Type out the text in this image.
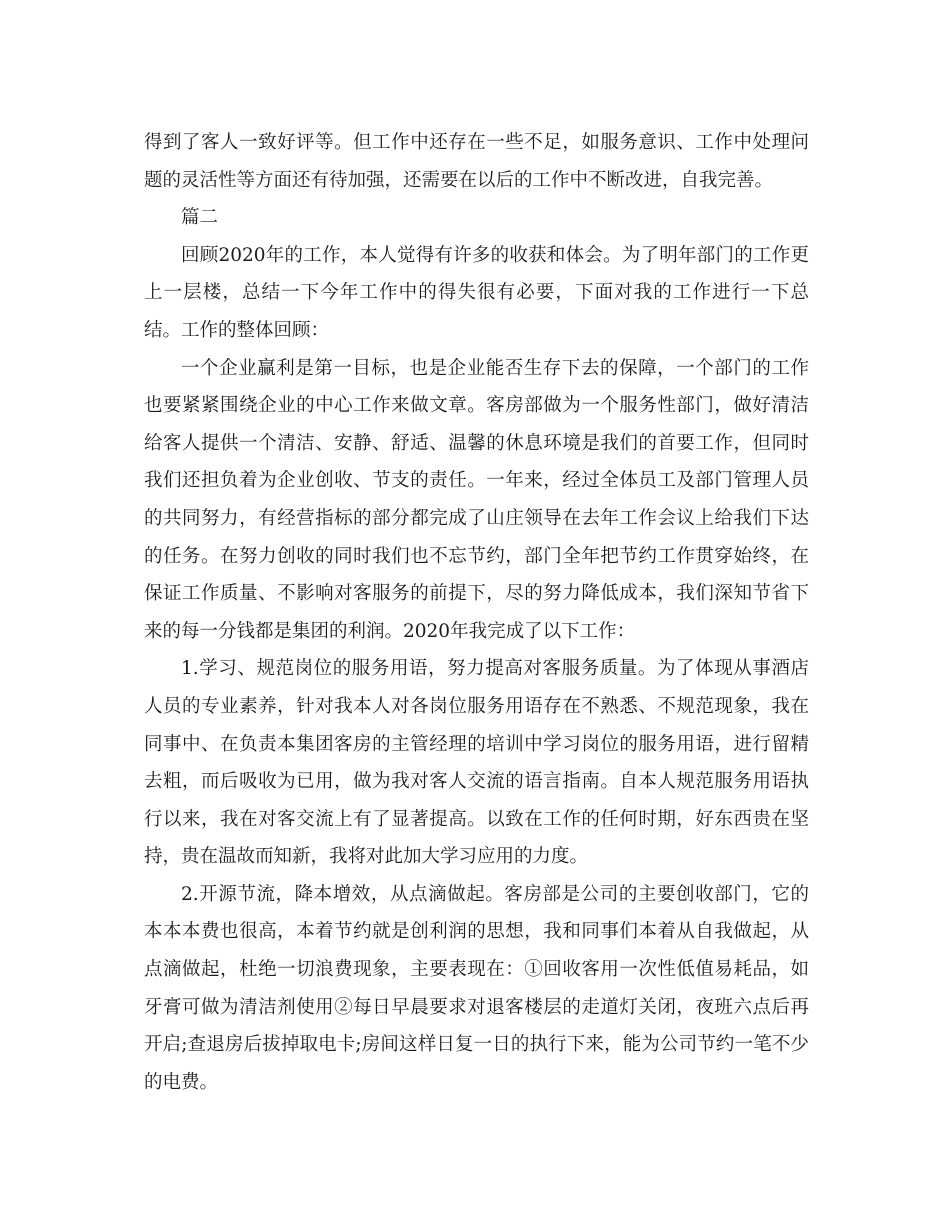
得到了客人一致好评等。但工作中还存在一些不足，如服务意识、工作中处理问题的灵活性等方面还有待加强，还需要在以后的工作中不断改进，自我完善。

篇二

回顾2020年的工作，本人觉得有许多的收获和体会。为了明年部门的工作更上一层楼，总结一下今年工作中的得失很有必要，下面对我的工作进行一下总结。工作的整体回顾：

一个企业赢利是第一目标，也是企业能否生存下去的保障，一个部门的工作也要紧紧围绕企业的中心工作来做文章。客房部做为一个服务性部门，做好清洁给客人提供一个清洁、安静、舒适、温馨的休息环境是我们的首要工作，但同时我们还担负着为企业创收、节支的责任。一年来，经过全体员工及部门管理人员的共同努力，有经营指标的部分都完成了山庄领导在去年工作会议上给我们下达的任务。在努力创收的同时我们也不忘节约，部门全年把节约工作贯穿始终，在保证工作质量、不影响对客服务的前提下，尽的努力降低成本，我们深知节省下来的每一分钱都是集团的利润。2020年我完成了以下工作：

1.学习、规范岗位的服务用语，努力提高对客服务质量。为了体现从事酒店人员的专业素养，针对我本人对各岗位服务用语存在不熟悉、不规范现象，我在同事中、在负责本集团客房的主管经理的培训中学习岗位的服务用语，进行留精去粗，而后吸收为已用，做为我对客人交流的语言指南。自本人规范服务用语执行以来，我在对客交流上有了显著提高。以致在工作的任何时期，好东西贵在坚持，贵在温故而知新，我将对此加大学习应用的力度。

2.开源节流，降本增效，从点滴做起。客房部是公司的主要创收部门，它的本本本费也很高，本着节约就是创利润的思想，我和同事们本着从自我做起，从点滴做起，杜绝一切浪费现象，主要表现在：①回收客用一次性低值易耗品，如牙膏可做为清洁剂使用②每日早晨要求对退客楼层的走道灯关闭，夜班六点后再开启;查退房后拔掉取电卡;房间这样日复一日的执行下来，能为公司节约一笔不少的电费。
